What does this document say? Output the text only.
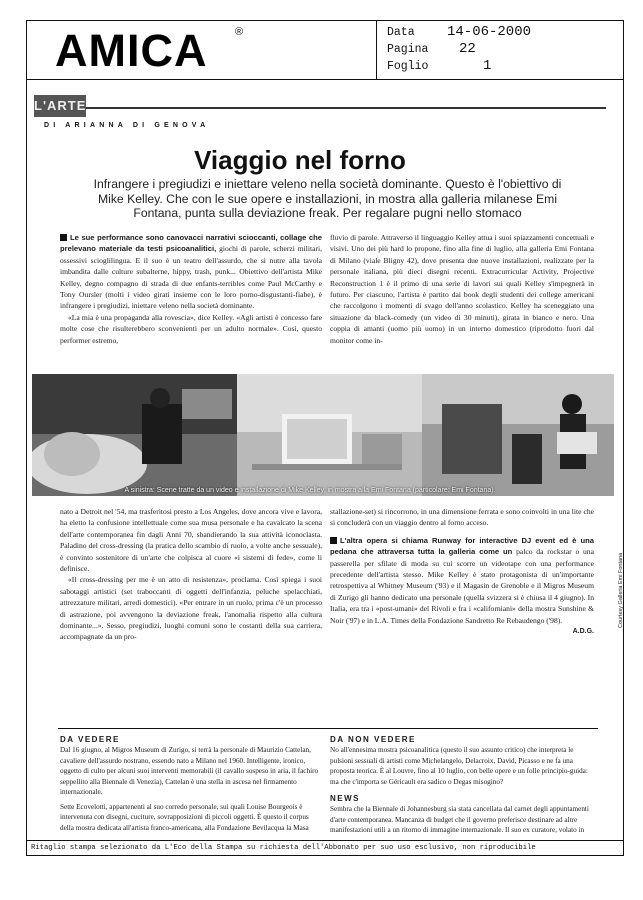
AMICA	®	Data 14-06-2000
Pagina 22
Foglio	1
L'ARTE
DI ARIANNA DI GENOVA
Viaggio nel forno
Infrangere i pregiudizi e iniettare veleno nella società dominante. Questo è l'obiettivo di Mike Kelley. Che con le sue opere e installazioni, in mostra alla galleria milanese Emi Fontana, punta sulla deviazione freak. Per regalare pugni nello stomaco

Le sue performance sono canovacci narrativi scioccanti, collage che prelevano materiale da testi psicoanalitici, giochi di parole, scherzi militari, ossessivi scioglilingua. E il suo è un teatro dell'assurdo, che si nutre alla tavola imbandita dalle culture subalterne, hippy, trash, punk... Obiettivo dell'artista Mike Kelley, degno compagno di strada di due enfants-terribles come Paul McCarthy e Tony Oursler (molti i video girati insieme con le loro porno-disgustanti-fiabe), è infrangere i pregiudizi, iniettare veleno nella società dominante.

«La mia è una propaganda alla rovescia», dice Kelley. «Agli artisti è concesso fare molte cose che risulterebbero sconvenienti per un adulto normale». Così, questo performer estremo,

fluvio di parole. Attraverso il linguaggio Kelley attua i suoi spiazzamenti concettuali e visivi. Uno dei più hard lo propone, fino alla fine di luglio, alla galleria Emi Fontana di Milano (viale Bligny 42), dove presenta due nuove installazioni, realizzate per la personale italiana, più dieci disegni recenti. Extracurricular Activity, Projective Reconstruction 1 è il primo di una serie di lavori sui quali Kelley s'impegnerà in futuro. Per ciascuno, l'artista è partito dai book degli studenti dei college americani che raccolgono i momenti di svago dell'anno scolastico. Kelley ha sceneggiato una situazione da black-comedy (un video di 30 minuti), girata in bianco e nero. Una coppia di amanti (uomo più uomo) in un interno domestico (riprodotto fuori dal monitor come in-

A sinistra: Scene tratte da un video e installazione di Mike Kelley, in mostra alla Emi Fontana (particolare: Emi Fontana).
Courtesy Galleria Emi Fontana

nato a Detroit nel '54, ma trasferitosi presto a Los Angeles, dove ancora vive e lavora, ha eletto la confusione intellettuale come sua musa personale e ha cavalcato la scena dell'arte contemporanea fin dagli Anni 70, sbandierando la sua attività iconoclasta. Paladino del cross-dressing (la pratica dello scambio di ruolo, a volte anche sessuale), è convinto sostenitore di un'arte che colpisca al cuore «i sistemi di fede», come li definisce.

«Il cross-dressing per me è un atto di resistenza», proclama. Così spiega i suoi sabotaggi artistici (set traboccanti di oggetti dell'infanzia, peluche spelacchiati, attrezzature militari, arredi domestici). «Per entrare in un ruolo, prima c'è un processo di astrazione, poi avvengono la deviazione freak, l'anomalia rispetto alla cultura dominante...». Sesso, pregiudizi, luoghi comuni sono le costanti della sua carriera, accompagnate da un pro-

stallazione-set) si rincorrono, in una dimensione ferrata e sono coinvolti in una lite che si concluderà con un viaggio dentro al forno acceso.

L'altra opera si chiama Runway for interactive DJ event ed è una pedana che attraversa tutta la galleria come un palco da rockstar o una passerella per sfilate di moda su cui scorre un videotape con una performance precedente dell'artista stesso. Mike Kelley è stato protagonista di un'importante retrospettiva al Whitney Museum ('93) e il Magasin de Grenoble e il Migros Museum di Zurigo gli hanno dedicato una personale (quella svizzera si è chiusa il 4 giugno). In Italia, era tra i «post-umani» del Rivoli e fra i «californiani» della mostra Sunshine & Noir ('97) e in L.A. Times della Fondazione Sandretto Re Rebaudengo ('98).

A.D.G.
DA VEDERE

Dal 16 giugno, al Migros Museum di Zurigo, si terrà la personale di Maurizio Cattelan, cavaliere dell'assurdo nostrano, essendo nato a Milano nel 1960. Intelligente, ironico, oggetto di culto per alcuni suoi interventi memorabili (il cavallo sospeso in aria, il fachiro seppellito alla Biennale di Venezia), Cattelan è una stella in ascesa nel firmamento internazionale.

Sette Ecovelotti, appartenenti al suo corredo personale, sui quali Louise Bourgeois è intervenuta con disegni, cuciture, sovrapposizioni di piccoli oggetti. È questo il corpus della mostra dedicata all'artista franco-americana, alla Fondazione Bevilacqua la Masa

DA NON VEDERE

No all'ennesima mostra psicoanalitica (questo il suo assunto critico) che interpreta le pulsioni sessuali di artisti come Michelangelo, Delacroix, David, Picasso e ne fa una proposta teorica. È al Louvre, fino al 10 luglio, con belle opere e un folle principio-guida: ma che c'importa se Géricault era sadico o Degas misogino?

NEWS

Sembra che la Biennale di Johannesburg sia stata cancellata dal carnet degli appuntamenti d'arte contemporanea. Mancanza di budget che il governo preferisce destinare ad altre manifestazioni utili a un ritorno di immagine internazionale. Il suo ex curatore, volato in

Ritaglio stampa selezionato da L'Eco della Stampa su richiesta dell'Abbonato per suo uso esclusivo, non riproducibile
